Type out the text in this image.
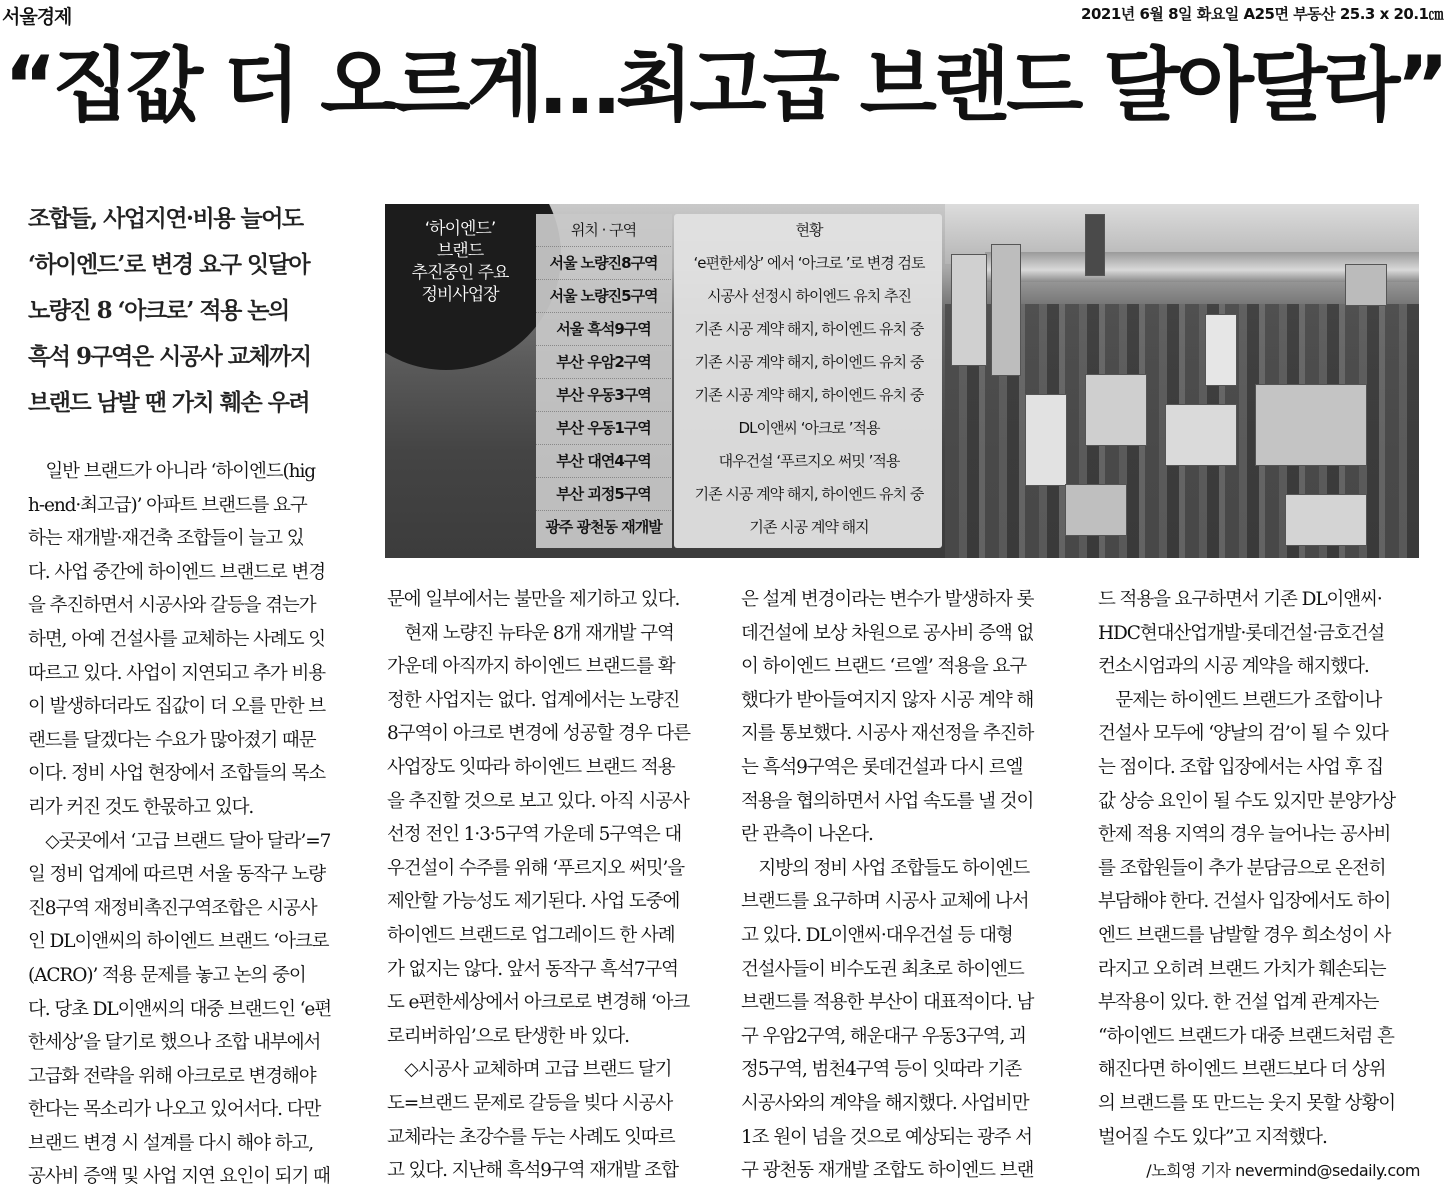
서울경제	2021년 6월 8일 화요일 A25면 부동산 25.3 x 20.1㎝
“집값 더 오르게…최고급 브랜드 달아달라”
조합들, 사업지연·비용 늘어도
‘하이엔드’로 변경 요구 잇달아
노량진 8 ‘아크로’ 적용 논의
흑석 9구역은 시공사 교체까지
브랜드 남발 땐 가치 훼손 우려
‘하이엔드’
브랜드
추진중인 주요
정비사업장
위치 · 구역	현황
서울 노량진8구역	‘e편한세상’ 에서 ‘아크로 ’로 변경 검토
서울 노량진5구역	시공사 선정시 하이엔드 유치 추진
서울 흑석9구역	기존 시공 계약 해지, 하이엔드 유치 중
부산 우암2구역	기존 시공 계약 해지, 하이엔드 유치 중
부산 우동3구역	기존 시공 계약 해지, 하이엔드 유치 중
부산 우동1구역	DL이앤씨 ‘아크로 ’적용
부산 대연4구역	대우건설 ‘푸르지오 써밋 ’적용
부산 괴정5구역	기존 시공 계약 해지, 하이엔드 유치 중
광주 광천동 재개발	기존 시공 계약 해지

　일반 브랜드가 아니라 ‘하이엔드(hig

h-end·최고급)’ 아파트 브랜드를 요구

하는 재개발·재건축 조합들이 늘고 있

다. 사업 중간에 하이엔드 브랜드로 변경

을 추진하면서 시공사와 갈등을 겪는가

하면, 아예 건설사를 교체하는 사례도 잇

따르고 있다. 사업이 지연되고 추가 비용

이 발생하더라도 집값이 더 오를 만한 브

랜드를 달겠다는 수요가 많아졌기 때문

이다. 정비 사업 현장에서 조합들의 목소

리가 커진 것도 한몫하고 있다.

　◇곳곳에서 ‘고급 브랜드 달아 달라’=7

일 정비 업계에 따르면 서울 동작구 노량

진8구역 재정비촉진구역조합은 시공사

인 DL이앤씨의 하이엔드 브랜드 ‘아크로

(ACRO)’ 적용 문제를 놓고 논의 중이

다. 당초 DL이앤씨의 대중 브랜드인 ‘e편

한세상’을 달기로 했으나 조합 내부에서

고급화 전략을 위해 아크로로 변경해야

한다는 목소리가 나오고 있어서다. 다만

브랜드 변경 시 설계를 다시 해야 하고,

공사비 증액 및 사업 지연 요인이 되기 때

문에 일부에서는 불만을 제기하고 있다.

　현재 노량진 뉴타운 8개 재개발 구역

가운데 아직까지 하이엔드 브랜드를 확

정한 사업지는 없다. 업계에서는 노량진

8구역이 아크로 변경에 성공할 경우 다른

사업장도 잇따라 하이엔드 브랜드 적용

을 추진할 것으로 보고 있다. 아직 시공사

선정 전인 1·3·5구역 가운데 5구역은 대

우건설이 수주를 위해 ‘푸르지오 써밋’을

제안할 가능성도 제기된다. 사업 도중에

하이엔드 브랜드로 업그레이드 한 사례

가 없지는 않다. 앞서 동작구 흑석7구역

도 e편한세상에서 아크로로 변경해 ‘아크

로리버하임’으로 탄생한 바 있다.

　◇시공사 교체하며 고급 브랜드 달기

도=브랜드 문제로 갈등을 빚다 시공사

교체라는 초강수를 두는 사례도 잇따르

고 있다. 지난해 흑석9구역 재개발 조합

은 설계 변경이라는 변수가 발생하자 롯

데건설에 보상 차원으로 공사비 증액 없

이 하이엔드 브랜드 ‘르엘’ 적용을 요구

했다가 받아들여지지 않자 시공 계약 해

지를 통보했다. 시공사 재선정을 추진하

는 흑석9구역은 롯데건설과 다시 르엘

적용을 협의하면서 사업 속도를 낼 것이

란 관측이 나온다.

　지방의 정비 사업 조합들도 하이엔드

브랜드를 요구하며 시공사 교체에 나서

고 있다. DL이앤씨·대우건설 등 대형

건설사들이 비수도권 최초로 하이엔드

브랜드를 적용한 부산이 대표적이다. 남

구 우암2구역, 해운대구 우동3구역, 괴

정5구역, 범천4구역 등이 잇따라 기존

시공사와의 계약을 해지했다. 사업비만

1조 원이 넘을 것으로 예상되는 광주 서

구 광천동 재개발 조합도 하이엔드 브랜

드 적용을 요구하면서 기존 DL이앤씨·

HDC현대산업개발·롯데건설·금호건설

컨소시엄과의 시공 계약을 해지했다.

　문제는 하이엔드 브랜드가 조합이나

건설사 모두에 ‘양날의 검’이 될 수 있다

는 점이다. 조합 입장에서는 사업 후 집

값 상승 요인이 될 수도 있지만 분양가상

한제 적용 지역의 경우 늘어나는 공사비

를 조합원들이 추가 분담금으로 온전히

부담해야 한다. 건설사 입장에서도 하이

엔드 브랜드를 남발할 경우 희소성이 사

라지고 오히려 브랜드 가치가 훼손되는

부작용이 있다. 한 건설 업계 관계자는

“하이엔드 브랜드가 대중 브랜드처럼 흔

해진다면 하이엔드 브랜드보다 더 상위

의 브랜드를 또 만드는 웃지 못할 상황이

벌어질 수도 있다”고 지적했다.

/노희영 기자 nevermind@sedaily.com
